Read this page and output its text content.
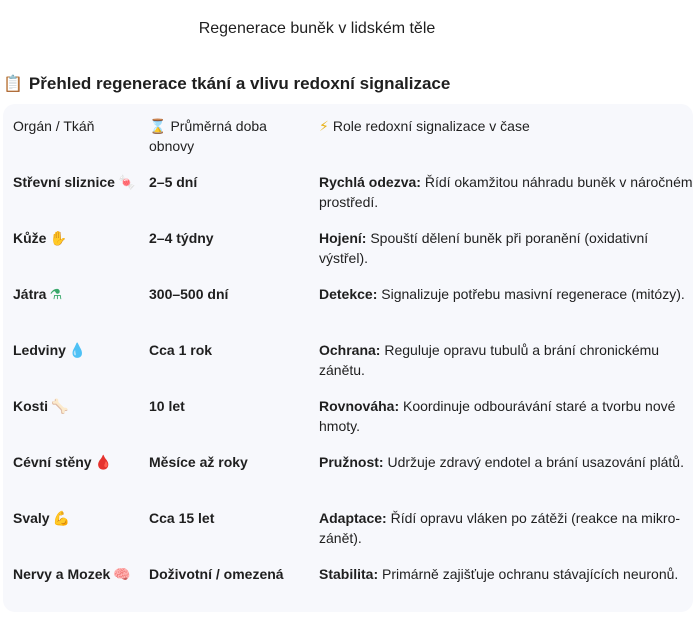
Regenerace buněk v lidském těle
📋 Přehled regenerace tkání a vlivu redoxní signalizace
Orgán / Tkáň	⌛ Průměrná doba obnovy	⚡ Role redoxní signalizace v čase
Střevní sliznice 🍬	2–5 dní	Rychlá odezva: Řídí okamžitou náhradu buněk v náročném prostředí.
Kůže ✋	2–4 týdny	Hojení: Spouští dělení buněk při poranění (oxidativní výstřel).
Játra ⚗	300–500 dní	Detekce: Signalizuje potřebu masivní regenerace (mitózy).
Ledviny 💧	Cca 1 rok	Ochrana: Reguluje opravu tubulů a brání chronickému zánětu.
Kosti 🦴	10 let	Rovnováha: Koordinuje odbourávání staré a tvorbu nové hmoty.
Cévní stěny 🩸	Měsíce až roky	Pružnost: Udržuje zdravý endotel a brání usazování plátů.
Svaly 💪	Cca 15 let	Adaptace: Řídí opravu vláken po zátěži (reakce na mikro-zánět).
Nervy a Mozek 🧠	Doživotní / omezená	Stabilita: Primárně zajišťuje ochranu stávajících neuronů.
